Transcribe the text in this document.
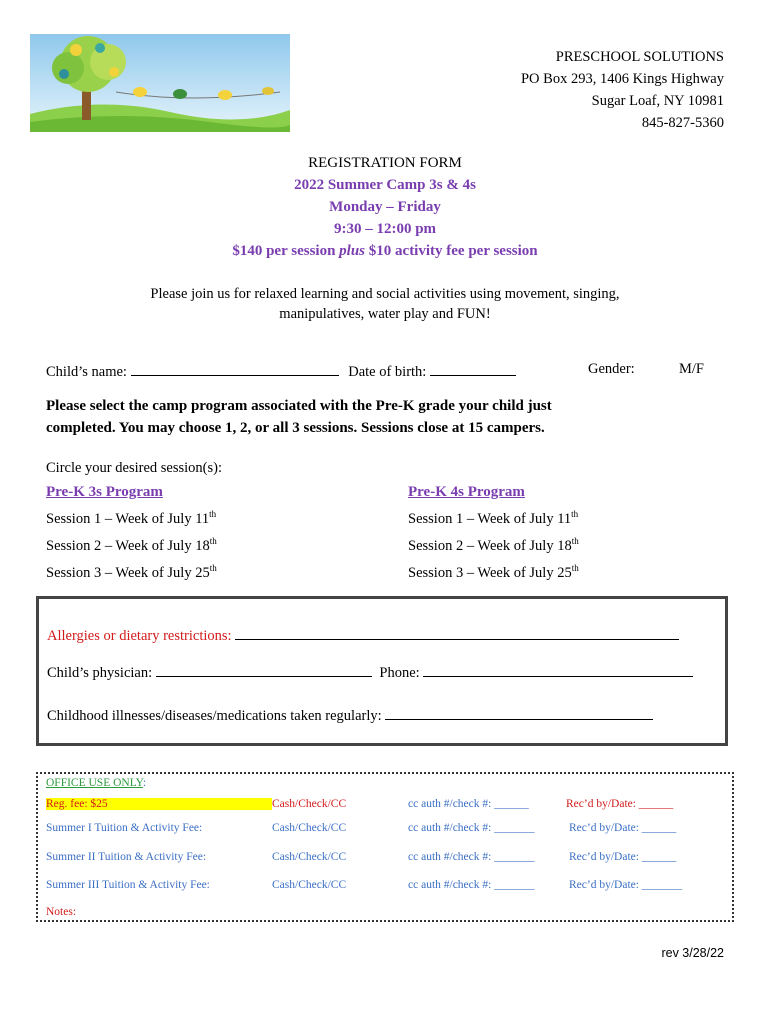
PRESCHOOL SOLUTIONS
PO Box 293, 1406 Kings Highway
Sugar Loaf, NY 10981
845-827-5360
REGISTRATION FORM
2022 Summer Camp 3s & 4s
Monday – Friday
9:30 – 12:00 pm
$140 per session plus $10 activity fee per session
Please join us for relaxed learning and social activities using movement, singing,
manipulatives, water play and FUN!
Child’s name:	Date of birth:	Gender:	M/F
Please select the camp program associated with the Pre-K grade your child just
completed. You may choose 1, 2, or all 3 sessions. Sessions close at 15 campers.
Circle your desired session(s):
Pre-K 3s Program
Session 1 – Week of July 11th
Session 2 – Week of July 18th
Session 3 – Week of July 25th
Pre-K 4s Program
Session 1 – Week of July 11th
Session 2 – Week of July 18th
Session 3 – Week of July 25th
Allergies or dietary restrictions:
Child’s physician:	Phone:
Childhood illnesses/diseases/medications taken regularly:
OFFICE USE ONLY:
Reg. fee: $25	Cash/Check/CC	cc auth #/check #: ______	Rec’d by/Date: ______
Summer I Tuition & Activity Fee:	Cash/Check/CC	cc auth #/check #: _______	Rec’d by/Date: ______
Summer II Tuition & Activity Fee:	Cash/Check/CC	cc auth #/check #: _______	Rec’d by/Date: ______
Summer III Tuition & Activity Fee:	Cash/Check/CC	cc auth #/check #: _______	Rec’d by/Date: _______
Notes:
rev 3/28/22
